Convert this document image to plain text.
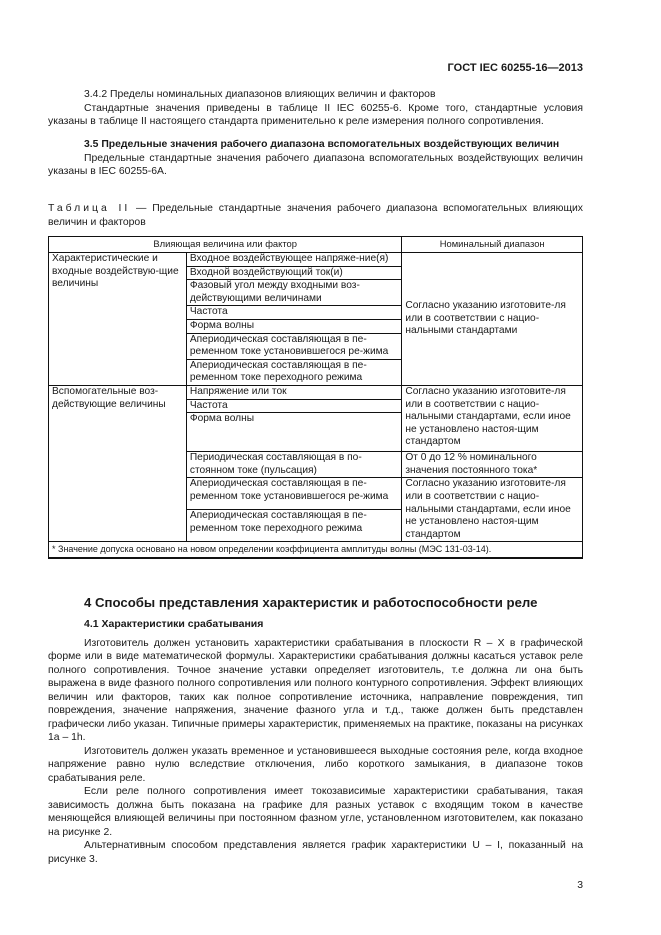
ГОСТ IEC 60255-16—2013

3.4.2 Пределы номинальных диапазонов влияющих величин и факторов

Стандартные значения приведены в таблице II IEC 60255-6. Кроме того, стандартные условия указаны в таблице II настоящего стандарта применительно к реле измерения полного сопротивления.

3.5 Предельные значения рабочего диапазона вспомогательных воздействующих величин

Предельные стандартные значения рабочего диапазона вспомогательных воздействующих величин указаны в IEC 60255-6A.

Таблица II — Предельные стандартные значения рабочего диапазона вспомогательных влияющих величин и факторов

Влияющая величина или фактор		Номинальный диапазон
Характеристические и входные воздействую-щие величины	Входное воздействующее напряже-ние(я)	Согласно указанию изготовите-ля или в соответствии с нацио-нальными стандартами
	Входной воздействующий ток(и)	
	Фазовый угол между входными воз-действующими величинами	
	Частота	
	Форма волны	
	Апериодическая составляющая в пе-ременном токе установившегося ре-жима	
	Апериодическая составляющая в пе-ременном токе переходного режима	
Вспомогательные воз-действующие величины	Напряжение или ток	Согласно указанию изготовите-ля или в соответствии с нацио-нальными стандартами, если иное не установлено настоя-щим стандартом
	Частота	
	Форма волны	
	Периодическая составляющая в по-стоянном токе (пульсация)	От 0 до 12 % номинального значения постоянного тока*
	Апериодическая составляющая в пе-ременном токе установившегося ре-жима	Согласно указанию изготовите-ля или в соответствии с нацио-нальными стандартами, если иное не установлено настоя-щим стандартом
	Апериодическая составляющая в пе-ременном токе переходного режима	
* Значение допуска основано на новом определении коэффициента амплитуды волны (МЭС 131-03-14).		
4 Способы представления характеристик и работоспособности реле
4.1 Характеристики срабатывания

Изготовитель должен установить характеристики срабатывания в плоскости R – X в графической форме или в виде математической формулы. Характеристики срабатывания должны касаться уставок реле полного сопротивления. Точное значение уставки определяет изготовитель, т.е должна ли она быть выражена в виде фазного полного сопротивления или полного контурного сопротивления. Эффект влияющих величин или факторов, таких как полное сопротивление источника, направление повреждения, тип повреждения, значение напряжения, значение фазного угла и т.д., также должен быть представлен графически либо указан. Типичные примеры характеристик, применяемых на практике, показаны на рисунках 1a – 1h.

Изготовитель должен указать временное и установившееся выходные состояния реле, когда входное напряжение равно нулю вследствие отключения, либо короткого замыкания, в диапазоне токов срабатывания реле.

Если реле полного сопротивления имеет токозависимые характеристики срабатывания, такая зависимость должна быть показана на графике для разных уставок с входящим током в качестве меняющейся влияющей величины при постоянном фазном угле, установленном изготовителем, как показано на рисунке 2.

Альтернативным способом представления является график характеристики U – I, показанный на рисунке 3.

3
